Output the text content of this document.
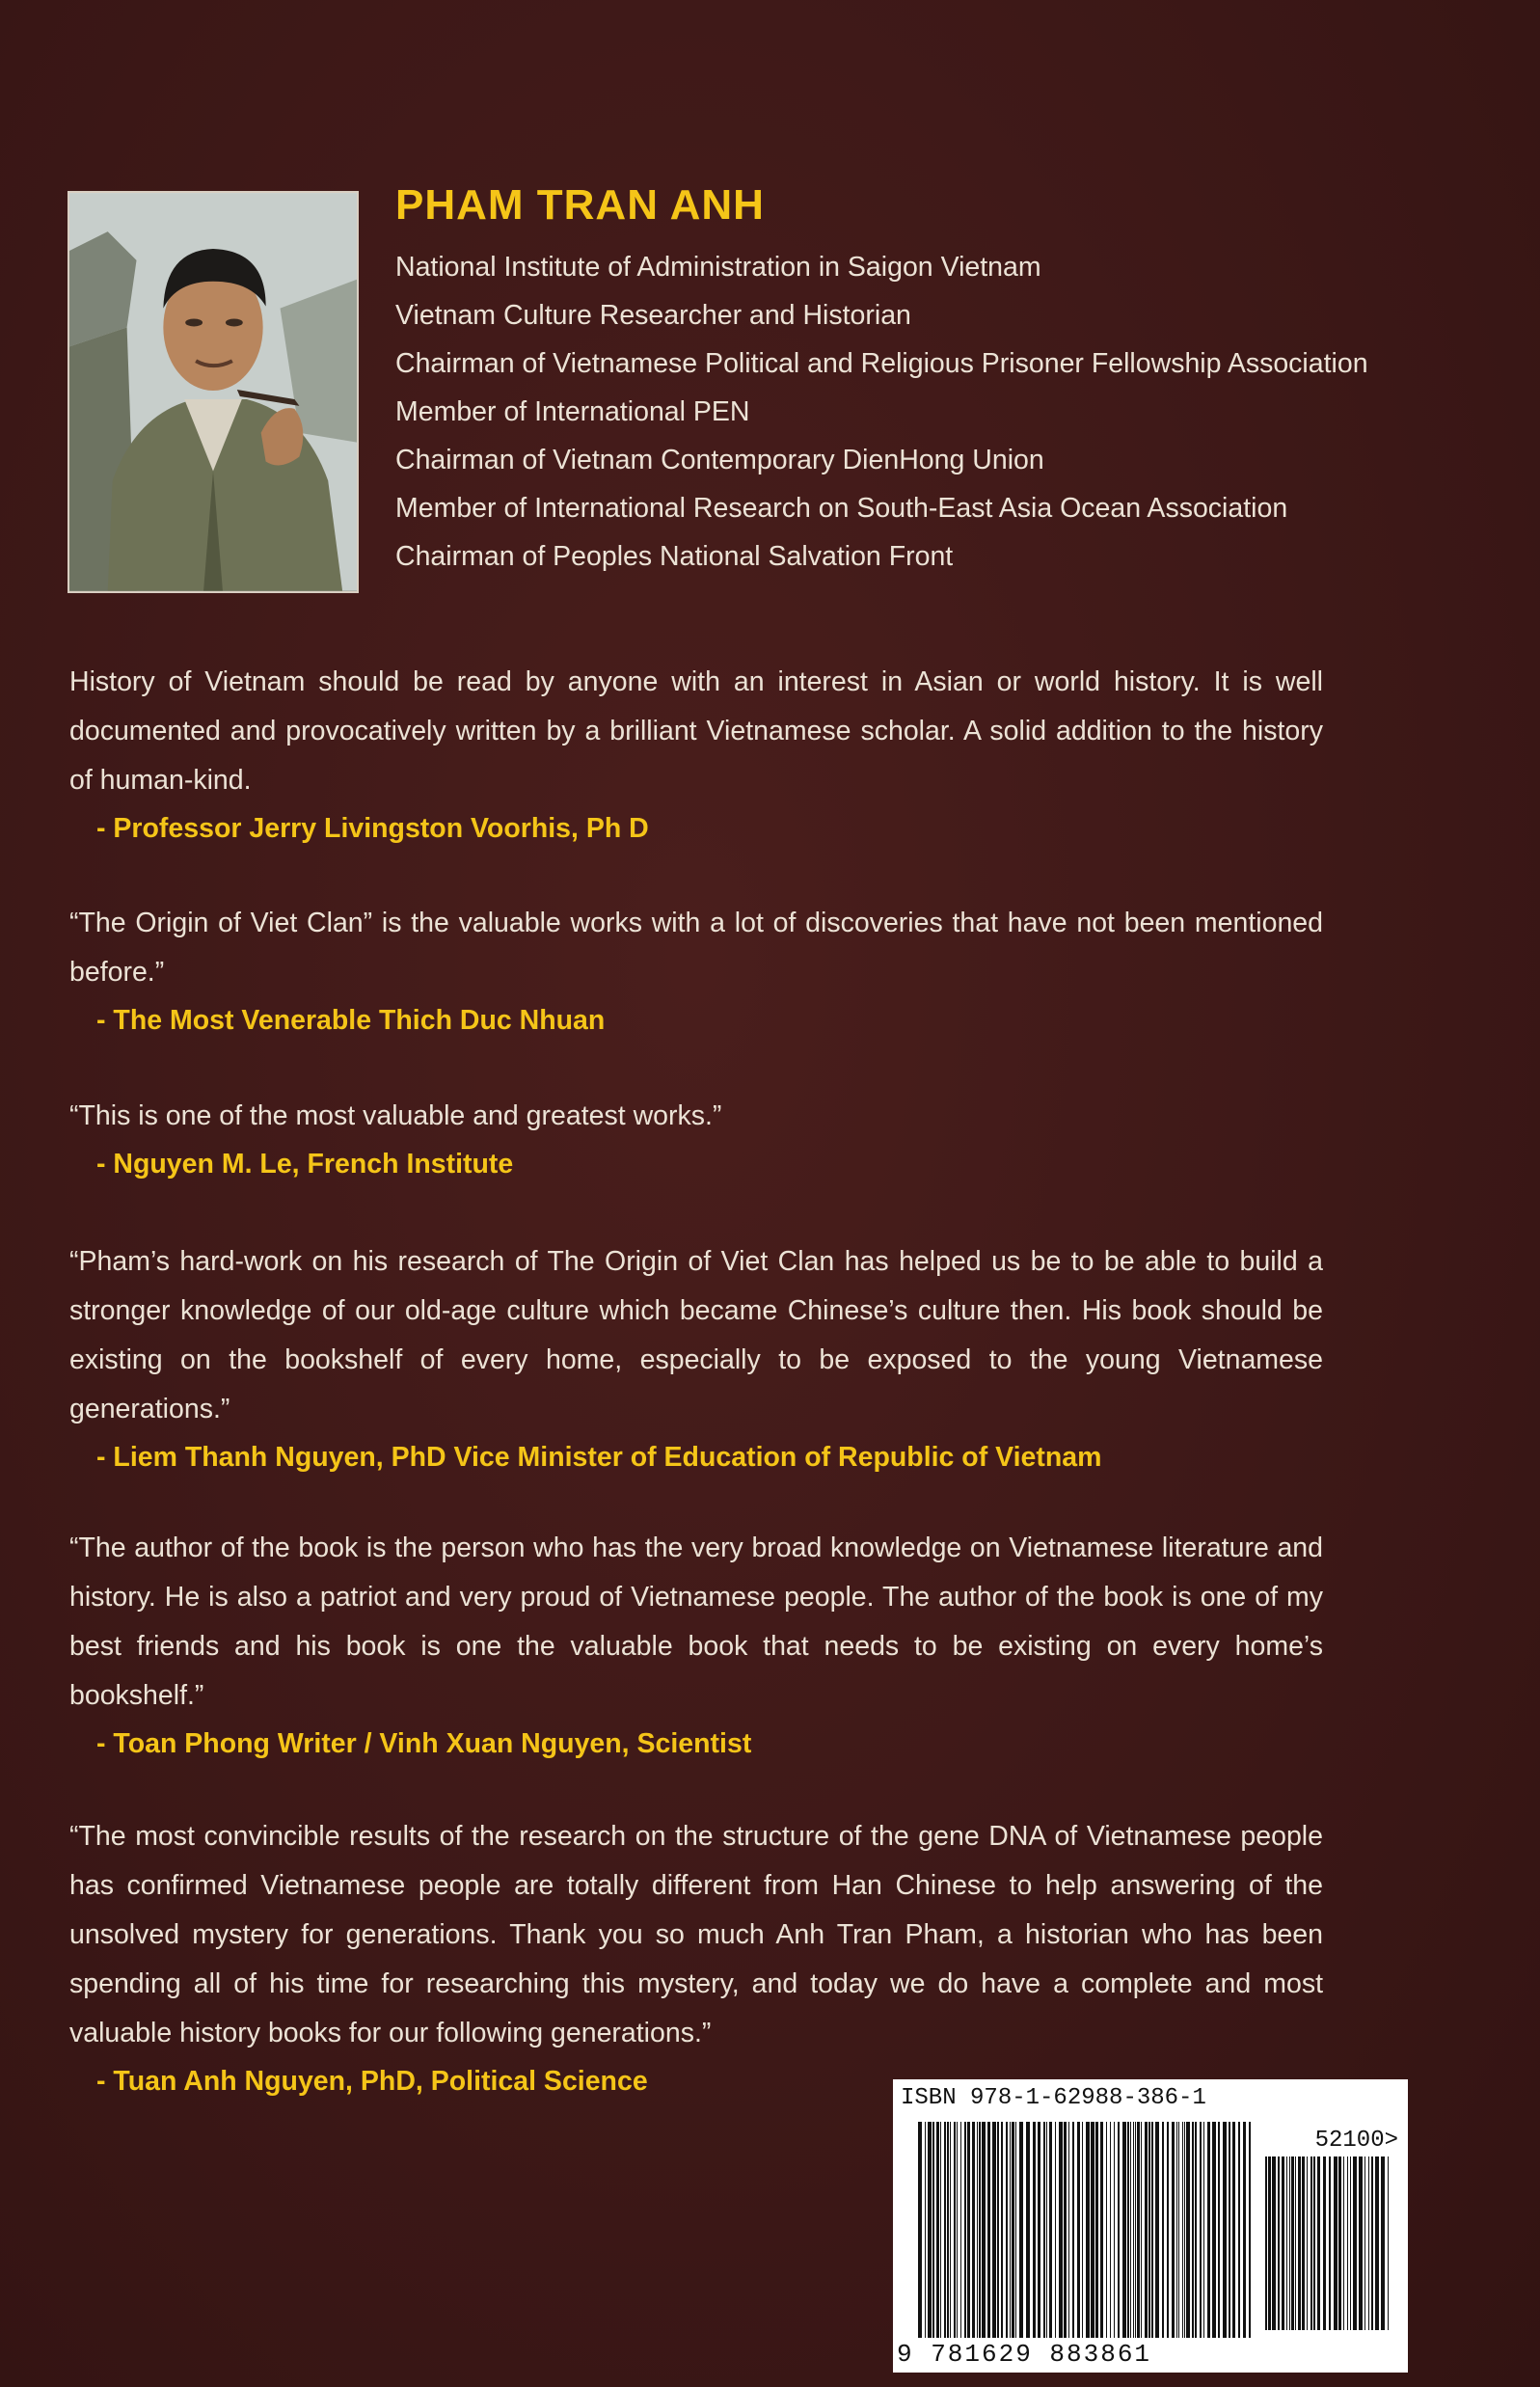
PHAM TRAN ANH

National Institute of Administration in Saigon Vietnam

Vietnam Culture Researcher and Historian

Chairman of Vietnamese Political and Religious Prisoner Fellowship Association

Member of International PEN

Chairman of Vietnam Contemporary DienHong Union

Member of International Research on South-East Asia Ocean Association

Chairman of Peoples National Salvation Front

History of Vietnam should be read by anyone with an interest in Asian or world history. It is well documented and provocatively written by a brilliant Vietnamese scholar. A solid addition to the history of human-kind.

- Professor Jerry Livingston Voorhis, Ph D

“The Origin of Viet Clan” is the valuable works with a lot of discoveries that have not been mentioned before.”

- The Most Venerable Thich Duc Nhuan

“This is one of the most valuable and greatest works.”

- Nguyen M. Le, French Institute

“Pham’s hard-work on his research of The Origin of Viet Clan has helped us be to be able to build a stronger knowledge of our old-age culture which became Chinese’s culture then. His book should be existing on the bookshelf of every home, especially to be exposed to the young Vietnamese generations.”

- Liem Thanh Nguyen, PhD Vice Minister of Education of Republic of Vietnam

“The author of the book is the person who has the very broad knowledge on Vietnamese literature and history. He is also a patriot and very proud of Vietnamese people. The author of the book is one of my best friends and his book is one the valuable book that needs to be existing on every home’s bookshelf.”

- Toan Phong Writer / Vinh Xuan Nguyen, Scientist

“The most convincible results of the research on the structure of the gene DNA of Vietnamese people has confirmed Vietnamese people are totally different from Han Chinese to help answering of the unsolved mystery for generations. Thank you so much Anh Tran Pham, a historian who has been spending all of his time for researching this mystery, and today we do have a complete and most valuable history books for our following generations.”

- Tuan Anh Nguyen, PhD, Political Science

ISBN 978-1-62988-386-1

52100>
9 781629 883861
